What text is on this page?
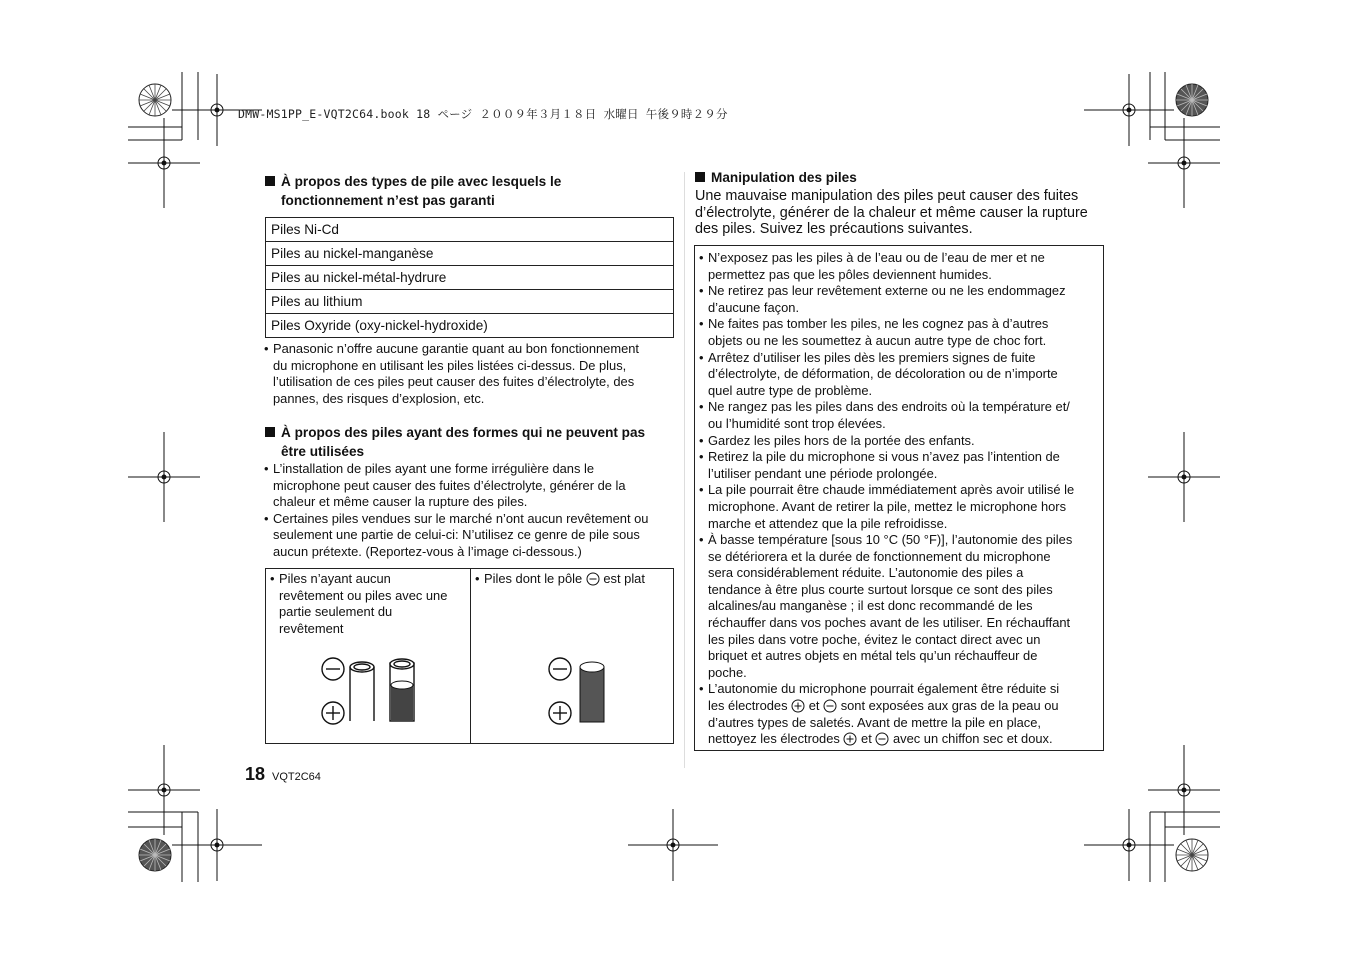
DMW-MS1PP_E-VQT2C64.book 18 ページ ２００９年３月１８日 水曜日 午後９時２９分
À propos des types de pile avec lesquels le
fonctionnement n’est pas garanti
Piles Ni-Cd
Piles au nickel-manganèse
Piles au nickel-métal-hydrure
Piles au lithium
Piles Oxyride (oxy-nickel-hydroxide)
• Panasonic n’offre aucune garantie quant au bon fonctionnement
du microphone en utilisant les piles listées ci-dessus. De plus,
l’utilisation de ces piles peut causer des fuites d’électrolyte, des
pannes, des risques d’explosion, etc.
À propos des piles ayant des formes qui ne peuvent pas
être utilisées
• L’installation de piles ayant une forme irrégulière dans le
microphone peut causer des fuites d’électrolyte, générer de la
chaleur et même causer la rupture des piles.
• Certaines piles vendues sur le marché n’ont aucun revêtement ou
seulement une partie de celui-ci: N’utilisez ce genre de pile sous
aucun prétexte. (Reportez-vous à l’image ci-dessous.)
• Piles n’ayant aucun
revêtement ou piles avec une
partie seulement du
revêtement
• Piles dont le pôle est plat
18 VQT2C64
Manipulation des piles
Une mauvaise manipulation des piles peut causer des fuites
d’électrolyte, générer de la chaleur et même causer la rupture
des piles. Suivez les précautions suivantes.
• N’exposez pas les piles à de l’eau ou de l’eau de mer et ne
permettez pas que les pôles deviennent humides.
• Ne retirez pas leur revêtement externe ou ne les endommagez
d’aucune façon.
• Ne faites pas tomber les piles, ne les cognez pas à d’autres
objets ou ne les soumettez à aucun autre type de choc fort.
• Arrêtez d’utiliser les piles dès les premiers signes de fuite
d’électrolyte, de déformation, de décoloration ou de n’importe
quel autre type de problème.
• Ne rangez pas les piles dans des endroits où la température et/
ou l’humidité sont trop élevées.
• Gardez les piles hors de la portée des enfants.
• Retirez la pile du microphone si vous n’avez pas l’intention de
l’utiliser pendant une période prolongée.
• La pile pourrait être chaude immédiatement après avoir utilisé le
microphone. Avant de retirer la pile, mettez le microphone hors
marche et attendez que la pile refroidisse.
• À basse température [sous 10 °C (50 °F)], l’autonomie des piles
se détériorera et la durée de fonctionnement du microphone
sera considérablement réduite. L’autonomie des piles a
tendance à être plus courte surtout lorsque ce sont des piles
alcalines/au manganèse ; il est donc recommandé de les
réchauffer dans vos poches avant de les utiliser. En réchauffant
les piles dans votre poche, évitez le contact direct avec un
briquet et autres objets en métal tels qu’un réchauffeur de
poche.
• L’autonomie du microphone pourrait également être réduite si
les électrodes et sont exposées aux gras de la peau ou
d’autres types de saletés. Avant de mettre la pile en place,
nettoyez les électrodes et avec un chiffon sec et doux.
